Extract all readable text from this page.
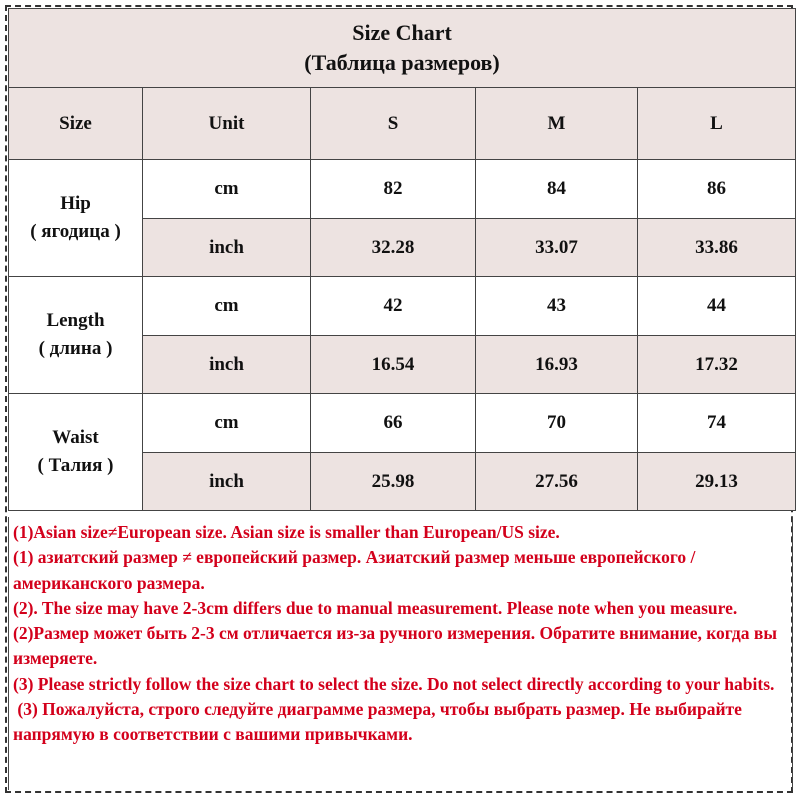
Size Chart
(Таблица размеров)				

Size	Unit	S	M	L

Hip
( ягодица )	cm	82	84	86
	inch	32.28	33.07	33.86

Length
( длина )	cm	42	43	44
	inch	16.54	16.93	17.32

Waist
( Талия )	cm	66	70	74
	inch	25.98	27.56	29.13
(1)Asian size≠European size. Asian size is smaller than European/US size.
(1) азиатский размер ≠ европейский размер. Азиатский размер меньше европейского / американского размера.
(2). The size may have 2-3cm differs due to manual measurement. Please note when you measure.
(2)Размер может быть 2-3 см отличается из-за ручного измерения. Обратите внимание, когда вы измеряете.
(3) Please strictly follow the size chart to select the size. Do not select directly according to your habits.
(3) Пожалуйста, строго следуйте диаграмме размера, чтобы выбрать размер. Не выбирайте напрямую в соответствии с вашими привычками.
